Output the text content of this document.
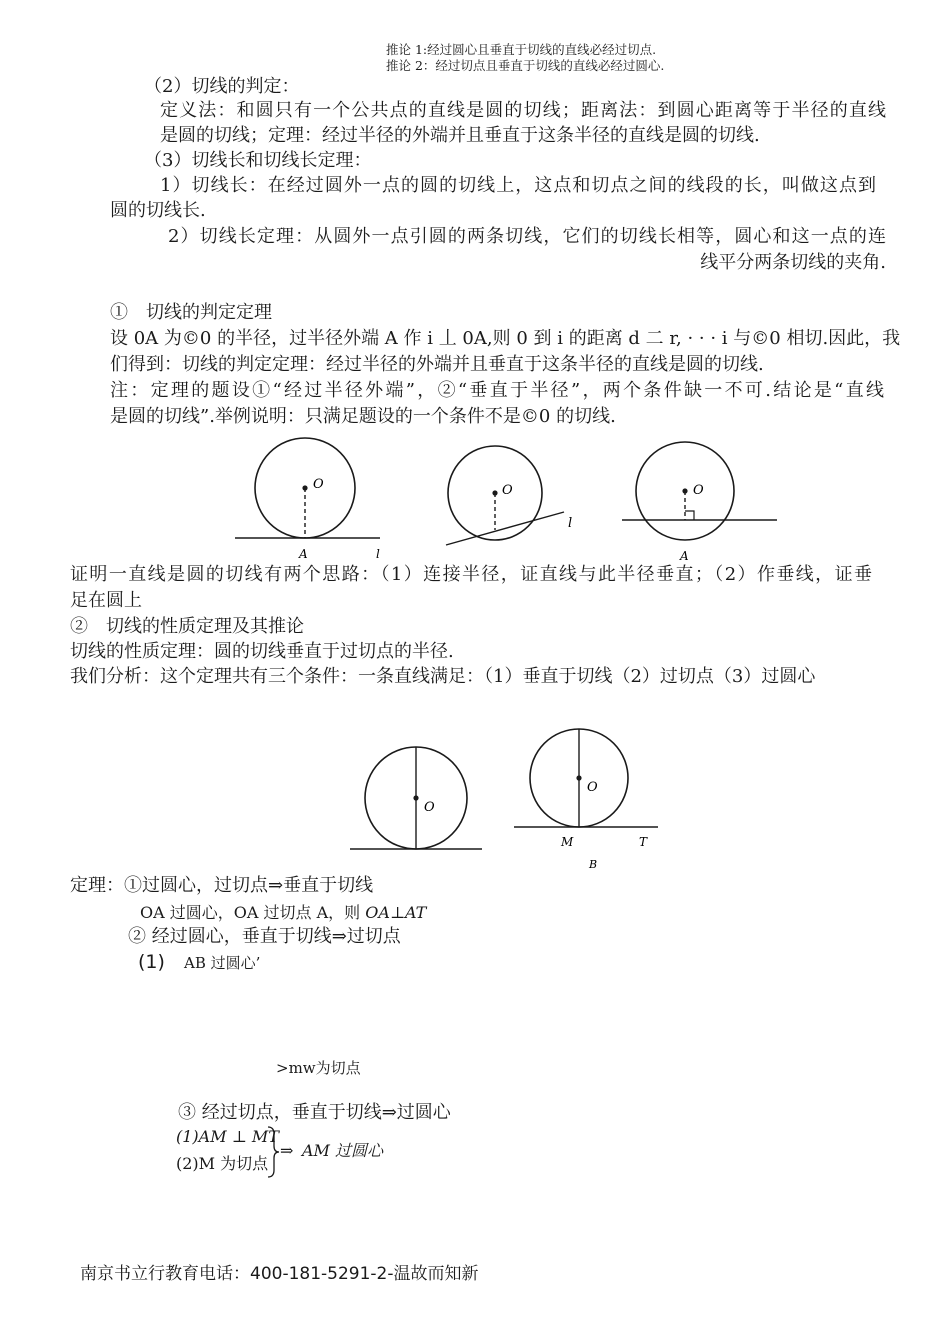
推论 1:经过圆心且垂直于切线的直线必经过切点.
推论 2：经过切点且垂直于切线的直线必经过圆心.
（2）切线的判定：
定义法：和圆只有一个公共点的直线是圆的切线；距离法：到圆心距离等于半径的直线
是圆的切线；定理：经过半径的外端并且垂直于这条半径的直线是圆的切线.
（3）切线长和切线长定理：
1）切线长：在经过圆外一点的圆的切线上，这点和切点之间的线段的长，叫做这点到
圆的切线长.
2）切线长定理：从圆外一点引圆的两条切线，它们的切线长相等，圆心和这一点的连
线平分两条切线的夹角.
①　切线的判定定理
设 0A 为©0 的半径，过半径外端 A 作 i 丄 0A,则 0 到 i 的距离 d 二 r, · · · i 与©0 相切.因此，我
们得到：切线的判定定理：经过半径的外端并且垂直于这条半径的直线是圆的切线.
注：定理的题设①“经过半径外端”，②“垂直于半径”，两个条件缺一不可.结论是“直线
是圆的切线”.举例说明：只满足题设的一个条件不是©0 的切线.
O
A	l
O
l
O
A
证明一直线是圆的切线有两个思路：（1）连接半径，证直线与此半径垂直；（2）作垂线，证垂
足在圆上
②　切线的性质定理及其推论
切线的性质定理：圆的切线垂直于过切点的半径.
我们分析：这个定理共有三个条件：一条直线满足：（1）垂直于切线（2）过切点（3）过圆心
O
O
M	T
B
定理：①过圆心，过切点⇒垂直于切线
OA 过圆心，OA 过切点 A，则 OA⊥AT
② 经过圆心，垂直于切线⇒过切点
(1) AB 过圆心’
>mw为切点
③ 经过切点，垂直于切线⇒过圆心
(1)AM ⊥ MT
(2)M 为切点
⇒ AM 过圆心
南京书立行教育电话：400-181-5291-2-温故而知新
